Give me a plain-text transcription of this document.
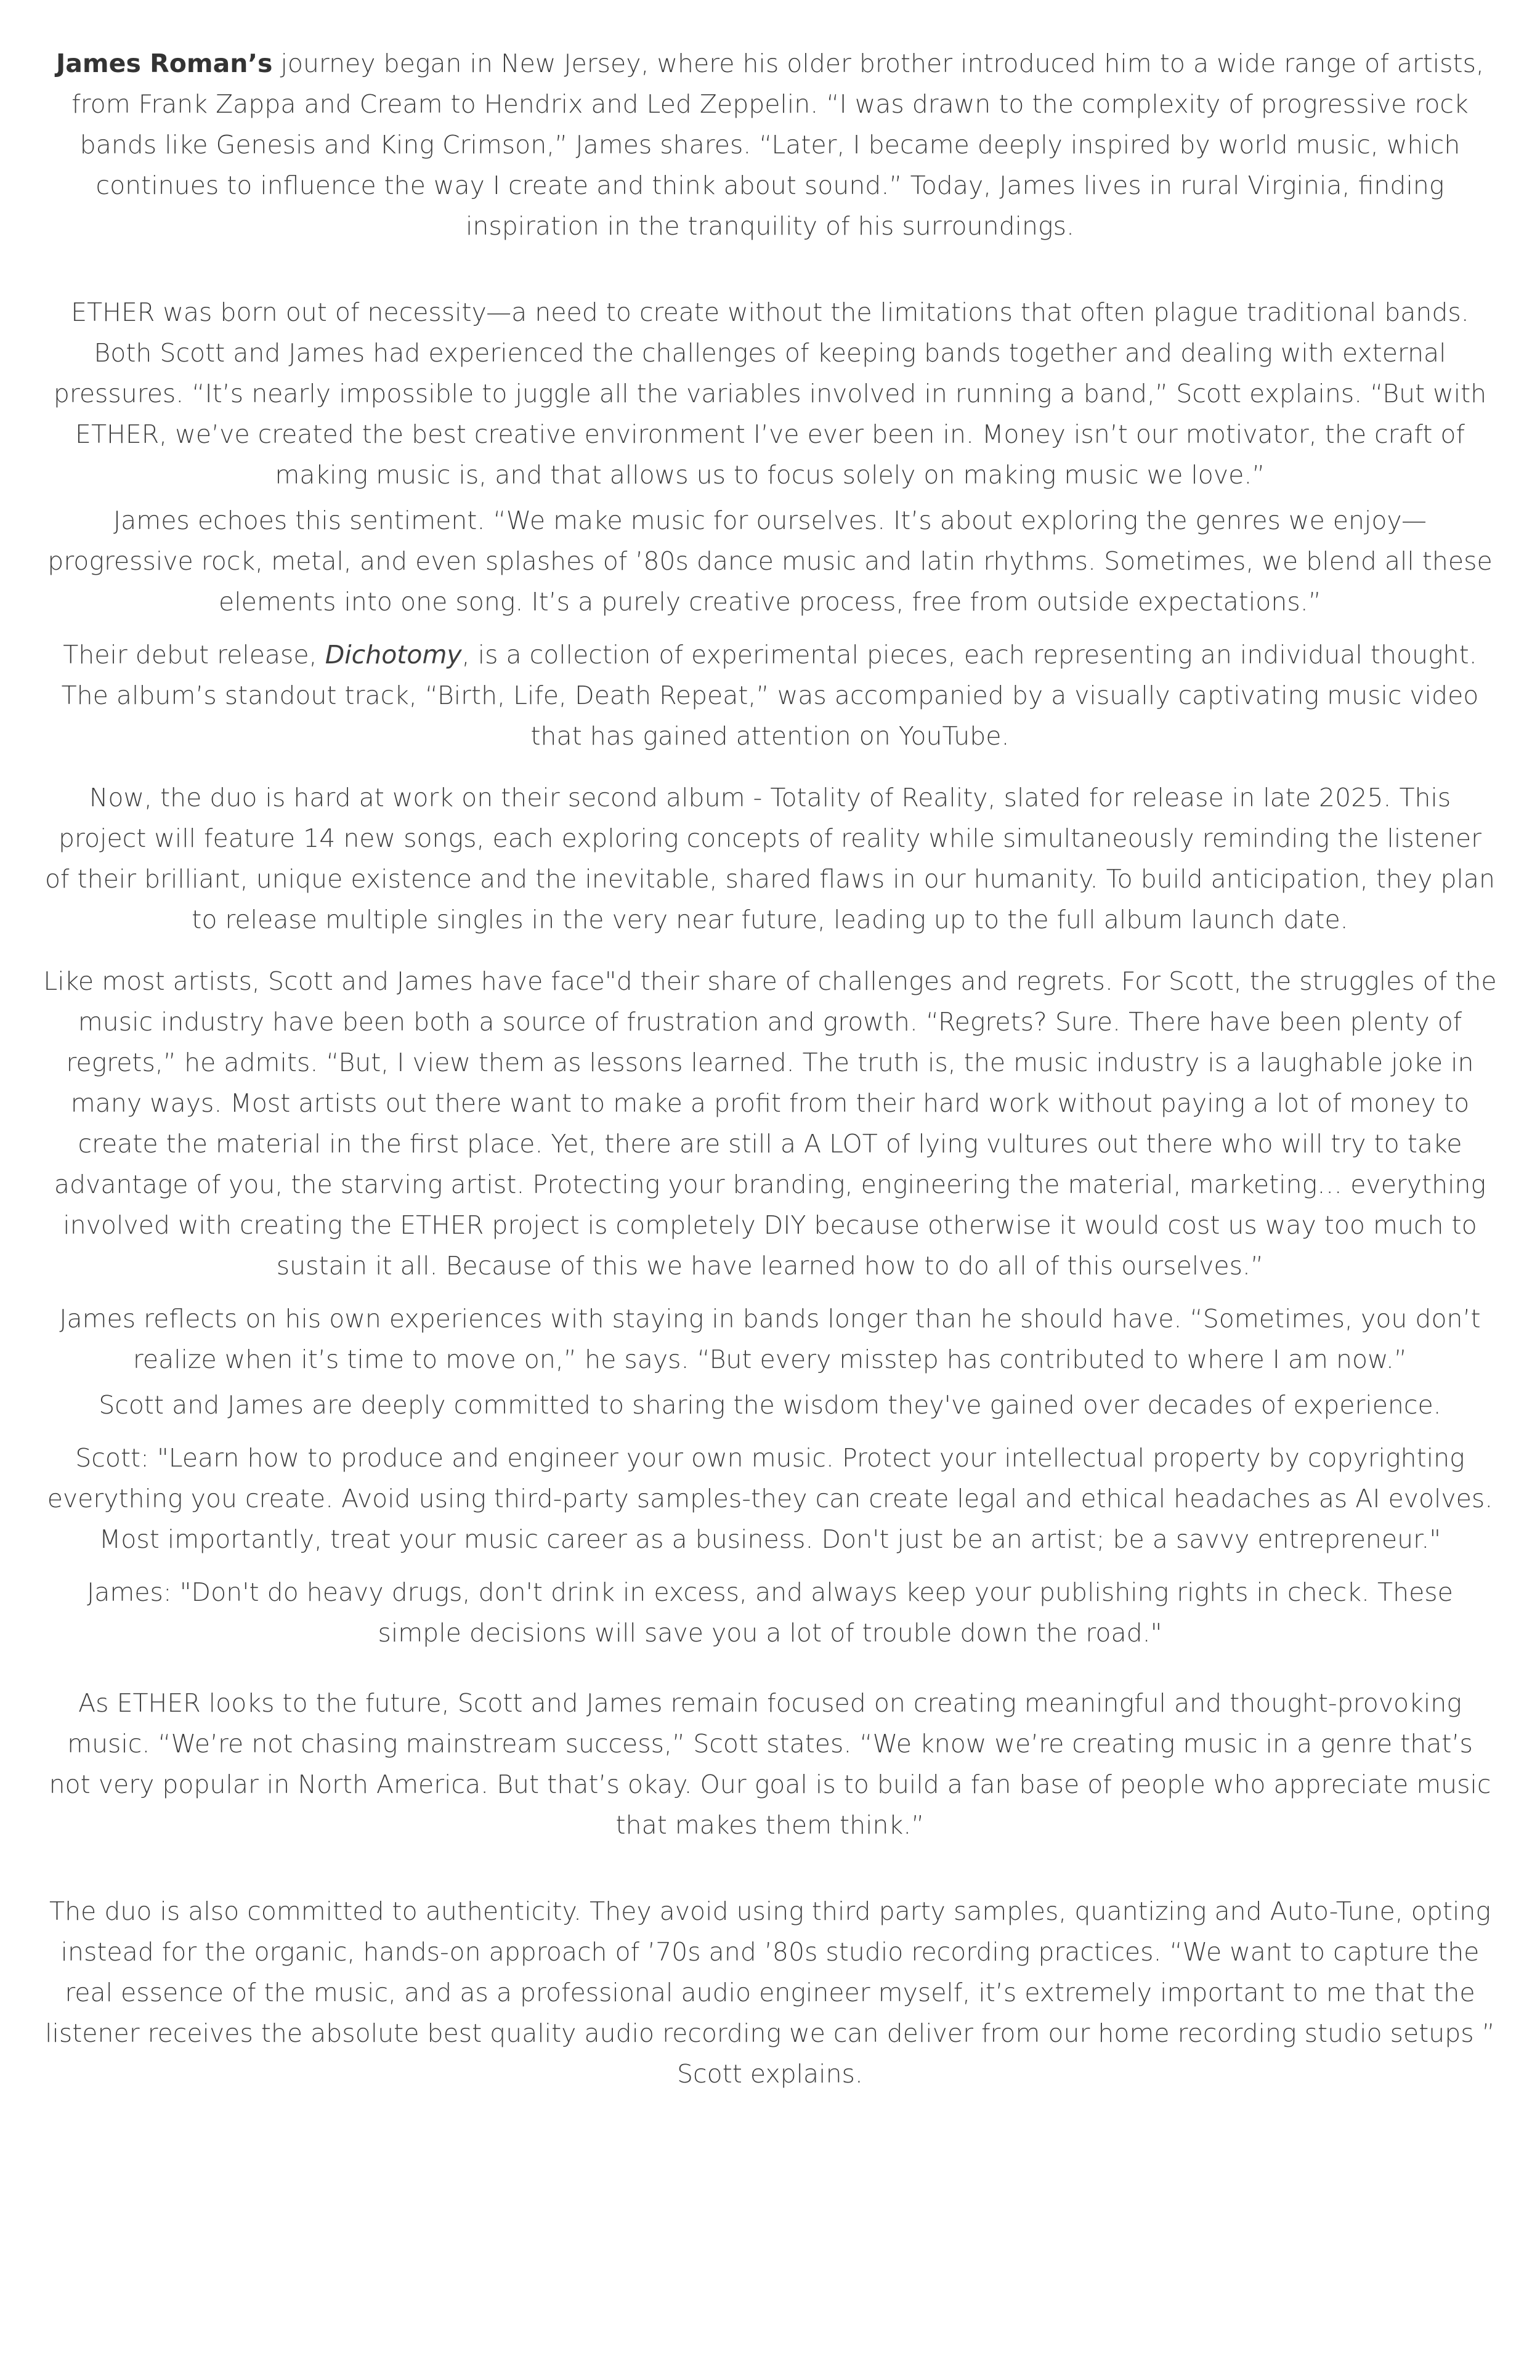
James Roman’s journey began in New Jersey, where his older brother introduced him to a wide range of artists, from Frank Zappa and Cream to Hendrix and Led Zeppelin. “I was drawn to the complexity of progressive rock bands like Genesis and King Crimson,” James shares. “Later, I became deeply inspired by world music, which continues to influence the way I create and think about sound.” Today, James lives in rural Virginia, finding inspiration in the tranquility of his surroundings.

ETHER was born out of necessity—a need to create without the limitations that often plague traditional bands. Both Scott and James had experienced the challenges of keeping bands together and dealing with external pressures. “It’s nearly impossible to juggle all the variables involved in running a band,” Scott explains. “But with ETHER, we’ve created the best creative environment I’ve ever been in. Money isn’t our motivator, the craft of making music is, and that allows us to focus solely on making music we love.”

James echoes this sentiment. “We make music for ourselves. It’s about exploring the genres we enjoy—progressive rock, metal, and even splashes of ’80s dance music and latin rhythms. Sometimes, we blend all these elements into one song. It’s a purely creative process, free from outside expectations.”

Their debut release, Dichotomy, is a collection of experimental pieces, each representing an individual thought. The album’s standout track, “Birth, Life, Death Repeat,” was accompanied by a visually captivating music video that has gained attention on YouTube.

Now, the duo is hard at work on their second album - Totality of Reality, slated for release in late 2025. This project will feature 14 new songs, each exploring concepts of reality while simultaneously reminding the listener of their brilliant, unique existence and the inevitable, shared flaws in our humanity. To build anticipation, they plan to release multiple singles in the very near future, leading up to the full album launch date.

Like most artists, Scott and James have face"d their share of challenges and regrets. For Scott, the struggles of the music industry have been both a source of frustration and growth. “Regrets? Sure. There have been plenty of regrets,” he admits. “But, I view them as lessons learned. The truth is, the music industry is a laughable joke in many ways. Most artists out there want to make a profit from their hard work without paying a lot of money to create the material in the first place. Yet, there are still a A LOT of lying vultures out there who will try to take advantage of you, the starving artist. Protecting your branding, engineering the material, marketing… everything involved with creating the ETHER project is completely DIY because otherwise it would cost us way too much to sustain it all. Because of this we have learned how to do all of this ourselves.”

James reflects on his own experiences with staying in bands longer than he should have. “Sometimes, you don’t realize when it’s time to move on,” he says. “But every misstep has contributed to where I am now.”

Scott and James are deeply committed to sharing the wisdom they've gained over decades of experience.

Scott: "Learn how to produce and engineer your own music. Protect your intellectual property by copyrighting everything you create. Avoid using third-party samples-they can create legal and ethical headaches as AI evolves. Most importantly, treat your music career as a business. Don't just be an artist; be a savvy entrepreneur."

James: "Don't do heavy drugs, don't drink in excess, and always keep your publishing rights in check. These simple decisions will save you a lot of trouble down the road."

As ETHER looks to the future, Scott and James remain focused on creating meaningful and thought-provoking music. “We’re not chasing mainstream success,” Scott states. “We know we’re creating music in a genre that’s not very popular in North America. But that’s okay. Our goal is to build a fan base of people who appreciate music that makes them think.”

The duo is also committed to authenticity. They avoid using third party samples, quantizing and Auto-Tune, opting instead for the organic, hands-on approach of ’70s and ’80s studio recording practices. “We want to capture the real essence of the music, and as a professional audio engineer myself, it’s extremely important to me that the listener receives the absolute best quality audio recording we can deliver from our home recording studio setups ” Scott explains.
